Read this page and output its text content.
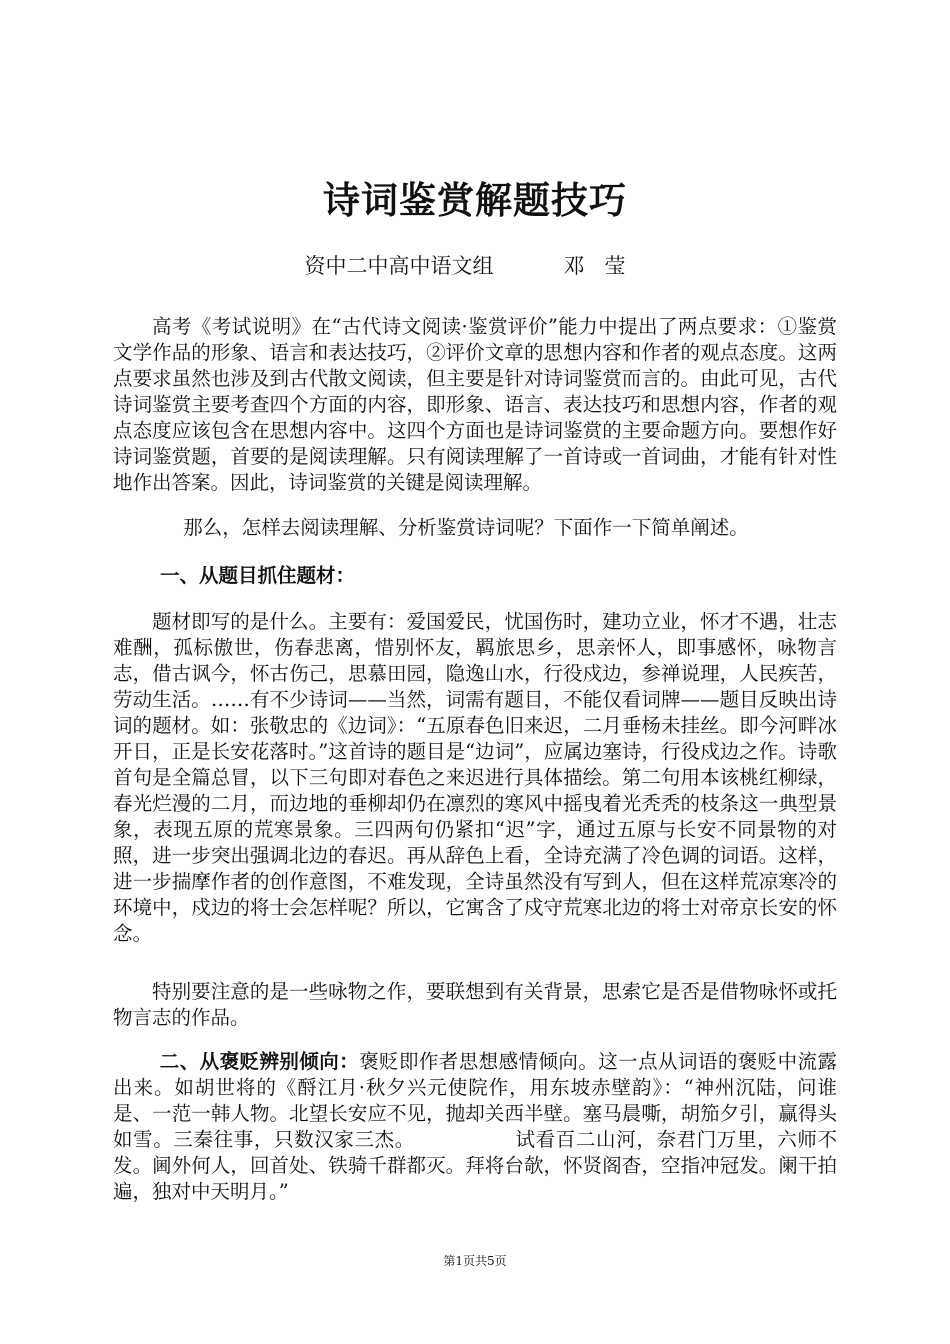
诗词鉴赏解题技巧
资中二中高中语文组	邓莹
高考《考试说明》在“古代诗文阅读·鉴赏评价”能力中提出了两点要求：①鉴赏文学作品的形象、语言和表达技巧，②评价文章的思想内容和作者的观点态度。这两点要求虽然也涉及到古代散文阅读，但主要是针对诗词鉴赏而言的。由此可见，古代诗词鉴赏主要考查四个方面的内容，即形象、语言、表达技巧和思想内容，作者的观点态度应该包含在思想内容中。这四个方面也是诗词鉴赏的主要命题方向。要想作好诗词鉴赏题，首要的是阅读理解。只有阅读理解了一首诗或一首词曲，才能有针对性地作出答案。因此，诗词鉴赏的关键是阅读理解。
那么，怎样去阅读理解、分析鉴赏诗词呢？下面作一下简单阐述。
一、从题目抓住题材：
题材即写的是什么。主要有：爱国爱民，忧国伤时，建功立业，怀才不遇，壮志难酬，孤标傲世，伤春悲离，惜别怀友，羁旅思乡，思亲怀人，即事感怀，咏物言志，借古讽今，怀古伤己，思慕田园，隐逸山水，行役戍边，参禅说理，人民疾苦，劳动生活。……有不少诗词——当然，词需有题目，不能仅看词牌——题目反映出诗词的题材。如：张敬忠的《边词》：“五原春色旧来迟，二月垂杨未挂丝。即今河畔冰开日，正是长安花落时。”这首诗的题目是“边词”，应属边塞诗，行役戍边之作。诗歌首句是全篇总冒，以下三句即对春色之来迟进行具体描绘。第二句用本该桃红柳绿，春光烂漫的二月，而边地的垂柳却仍在凛烈的寒风中摇曳着光秃秃的枝条这一典型景象，表现五原的荒寒景象。三四两句仍紧扣“迟”字，通过五原与长安不同景物的对照，进一步突出强调北边的春迟。再从辞色上看，全诗充满了冷色调的词语。这样，进一步揣摩作者的创作意图，不难发现，全诗虽然没有写到人，但在这样荒凉寒冷的环境中，戍边的将士会怎样呢？所以，它寓含了戍守荒寒北边的将士对帝京长安的怀念。
特别要注意的是一些咏物之作，要联想到有关背景，思索它是否是借物咏怀或托物言志的作品。
二、从褒贬辨别倾向：褒贬即作者思想感情倾向。这一点从词语的褒贬中流露出来。如胡世将的《酹江月·秋夕兴元使院作，用东坡赤壁韵》：“神州沉陆，问谁是、一范一韩人物。北望长安应不见，抛却关西半壁。塞马晨嘶，胡笳夕引，赢得头如雪。三秦往事，只数汉家三杰。	试看百二山河，奈君门万里，六师不发。阃外何人，回首处、铁骑千群都灭。拜将台欹，怀贤阁杳，空指冲冠发。阑干拍遍，独对中天明月。”
第1页共5页
